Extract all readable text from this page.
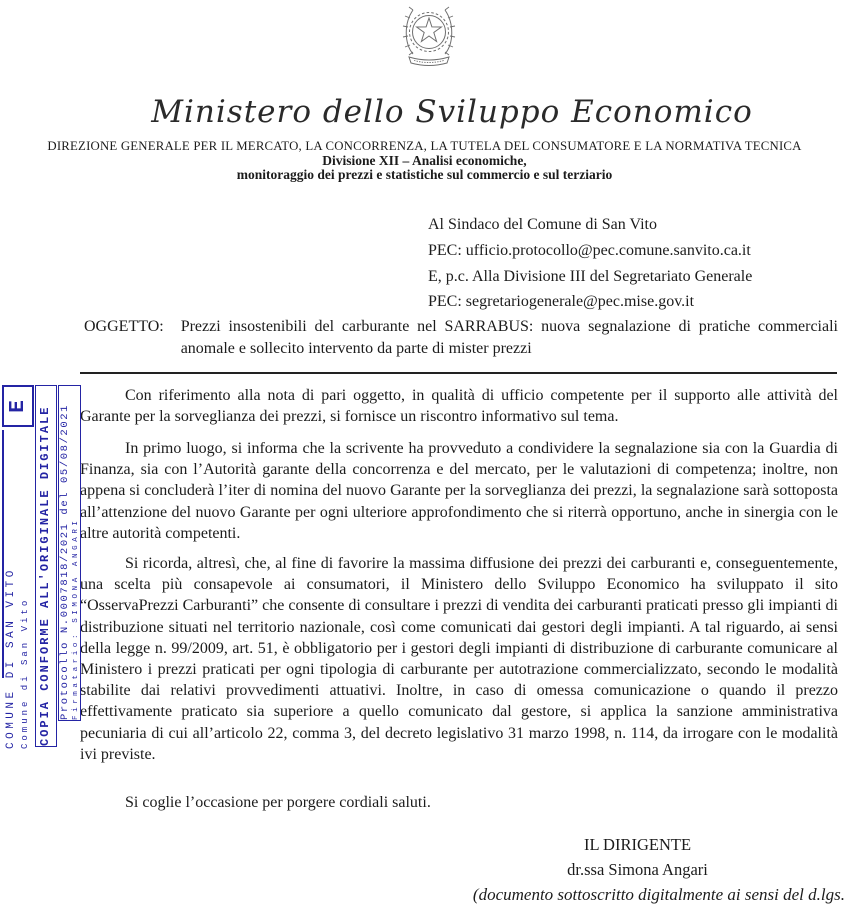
Ministero dello Sviluppo Economico
DIREZIONE GENERALE PER IL MERCATO, LA CONCORRENZA, LA TUTELA DEL CONSUMATORE E LA NORMATIVA TECNICA
Divisione XII – Analisi economiche,
monitoraggio dei prezzi e statistiche sul commercio e sul terziario
Al Sindaco del Comune di San Vito
PEC: ufficio.protocollo@pec.comune.sanvito.ca.it
E, p.c. Alla Divisione III del Segretariato Generale
PEC: segretariogenerale@pec.mise.gov.it
OGGETTO: Prezzi insostenibili del carburante nel SARRABUS: nuova segnalazione di pratiche commerciali anomale e sollecito intervento da parte di mister prezzi
Con riferimento alla nota di pari oggetto, in qualità di ufficio competente per il supporto alle attività del Garante per la sorveglianza dei prezzi, si fornisce un riscontro informativo sul tema.
In primo luogo, si informa che la scrivente ha provveduto a condividere la segnalazione sia con la Guardia di Finanza, sia con l’Autorità garante della concorrenza e del mercato, per le valutazioni di competenza; inoltre, non appena si concluderà l’iter di nomina del nuovo Garante per la sorveglianza dei prezzi, la segnalazione sarà sottoposta all’attenzione del nuovo Garante per ogni ulteriore approfondimento che si riterrà opportuno, anche in sinergia con le altre autorità competenti.
Si ricorda, altresì, che, al fine di favorire la massima diffusione dei prezzi dei carburanti e, conseguentemente, una scelta più consapevole ai consumatori, il Ministero dello Sviluppo Economico ha sviluppato il sito “OsservaPrezzi Carburanti” che consente di consultare i prezzi di vendita dei carburanti praticati presso gli impianti di distribuzione situati nel territorio nazionale, così come comunicati dai gestori degli impianti. A tal riguardo, ai sensi della legge n. 99/2009, art. 51, è obbligatorio per i gestori degli impianti di distribuzione di carburante comunicare al Ministero i prezzi praticati per ogni tipologia di carburante per autotrazione commercializzato, secondo le modalità stabilite dai relativi provvedimenti attuativi. Inoltre, in caso di omessa comunicazione o quando il prezzo effettivamente praticato sia superiore a quello comunicato dal gestore, si applica la sanzione amministrativa pecuniaria di cui all’articolo 22, comma 3, del decreto legislativo 31 marzo 1998, n. 114, da irrogare con le modalità ivi previste.
Si coglie l’occasione per porgere cordiali saluti.
IL DIRIGENTE
dr.ssa Simona Angari
(documento sottoscritto digitalmente ai sensi del d.lgs.
E
COMUNE DI SAN VITO Comune di San Vito COPIA CONFORME ALL'ORIGINALE DIGITALE Protocollo N.0007818/2021 del 05/08/2021 Firmatario: SIMONA ANGARI
